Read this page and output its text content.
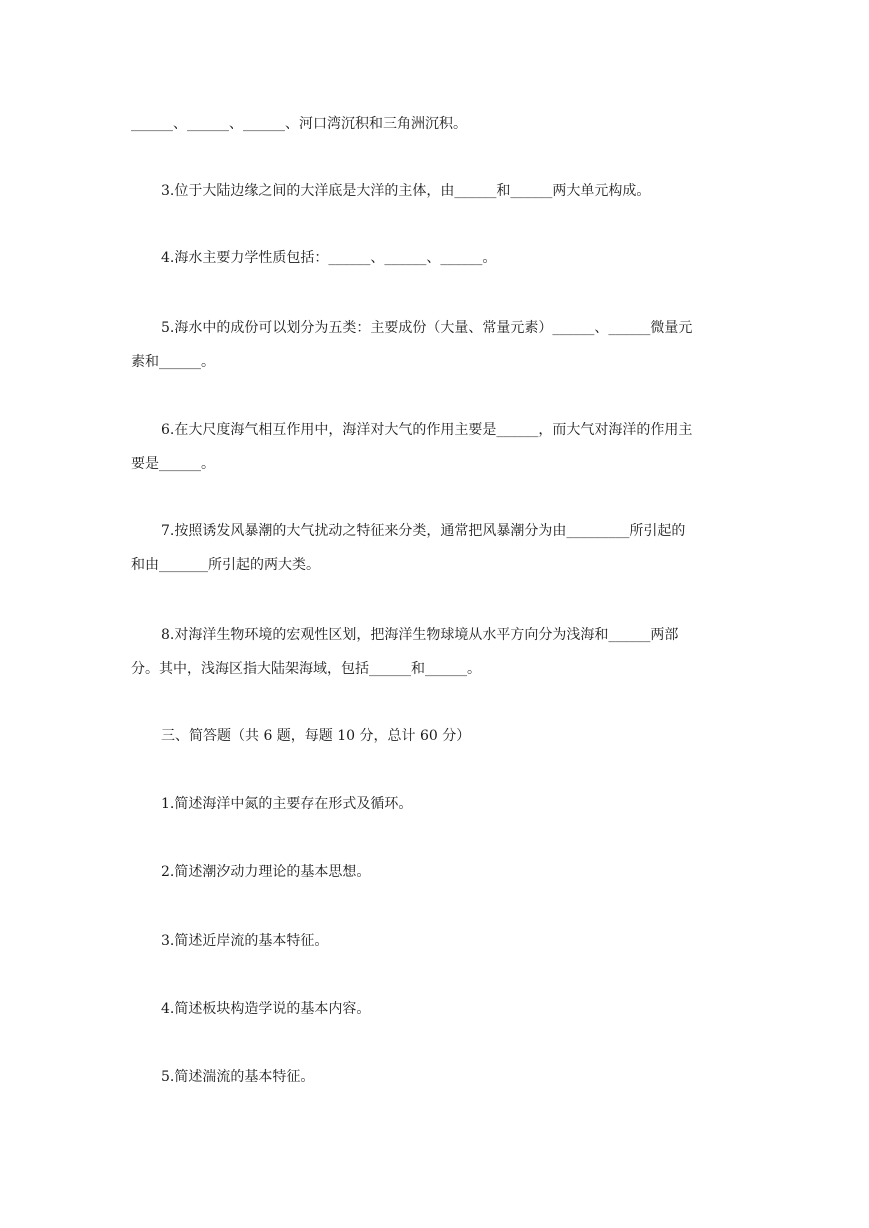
______、______、______、河口湾沉积和三角洲沉积。
3.位于大陆边缘之间的大洋底是大洋的主体，由______和______两大单元构成。
4.海水主要力学性质包括：______、______、______。
5.海水中的成份可以划分为五类：主要成份（大量、常量元素）______、______微量元
素和______。
6.在大尺度海气相互作用中，海洋对大气的作用主要是______，而大气对海洋的作用主
要是______。
7.按照诱发风暴潮的大气扰动之特征来分类，通常把风暴潮分为由_________所引起的
和由_______所引起的两大类。
8.对海洋生物环境的宏观性区划，把海洋生物球境从水平方向分为浅海和______两部
分。其中，浅海区指大陆架海域，包括______和______。
三、简答题（共 6 题，每题 10 分，总计 60 分）
1.简述海洋中氮的主要存在形式及循环。
2.简述潮汐动力理论的基本思想。
3.简述近岸流的基本特征。
4.简述板块构造学说的基本内容。
5.简述湍流的基本特征。
